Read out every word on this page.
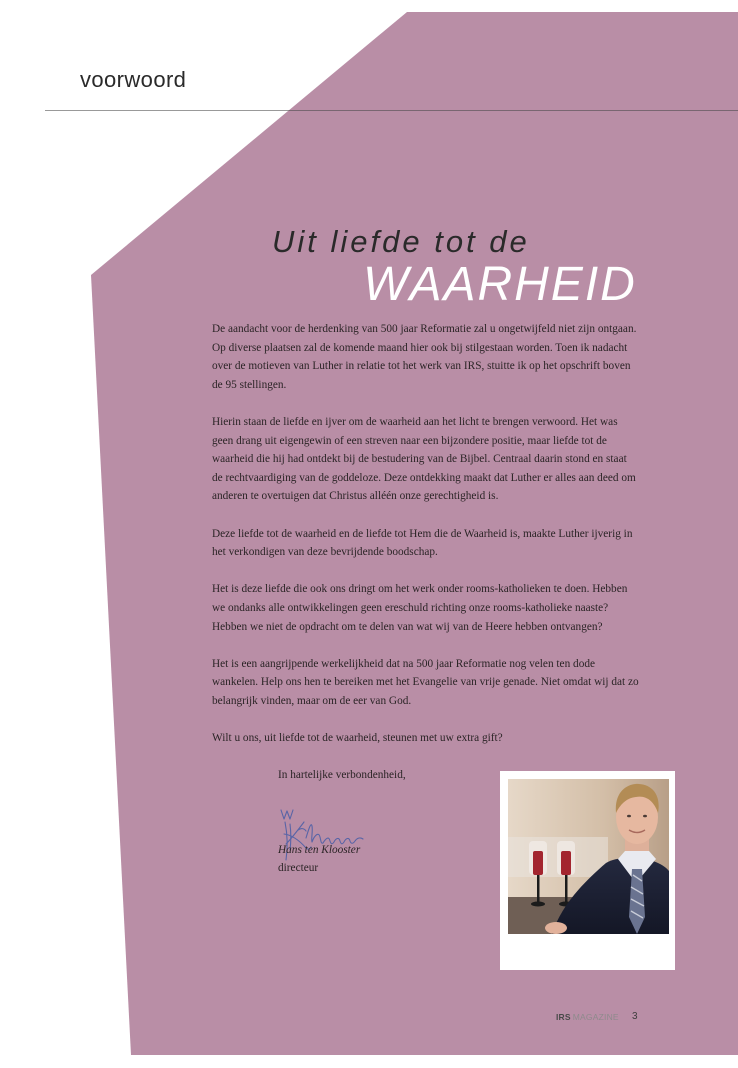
voorwoord
Uit liefde tot de
WAARHEID
De aandacht voor de herdenking van 500 jaar Reformatie zal u ongetwijfeld niet zijn ontgaan.
Op diverse plaatsen zal de komende maand hier ook bij stilgestaan worden. Toen ik nadacht
over de motieven van Luther in relatie tot het werk van IRS, stuitte ik op het opschrift boven
de 95 stellingen.
Hierin staan de liefde en ijver om de waarheid aan het licht te brengen verwoord. Het was
geen drang uit eigengewin of een streven naar een bijzondere positie, maar liefde tot de
waarheid die hij had ontdekt bij de bestudering van de Bijbel. Centraal daarin stond en staat
de rechtvaardiging van de goddeloze. Deze ontdekking maakt dat Luther er alles aan deed om
anderen te overtuigen dat Christus alléén onze gerechtigheid is.
Deze liefde tot de waarheid en de liefde tot Hem die de Waarheid is, maakte Luther ijverig in
het verkondigen van deze bevrijdende boodschap.
Het is deze liefde die ook ons dringt om het werk onder rooms-katholieken te doen. Hebben
we ondanks alle ontwikkelingen geen ereschuld richting onze rooms-katholieke naaste?
Hebben we niet de opdracht om te delen van wat wij van de Heere hebben ontvangen?
Het is een aangrijpende werkelijkheid dat na 500 jaar Reformatie nog velen ten dode
wankelen. Help ons hen te bereiken met het Evangelie van vrije genade. Niet omdat wij dat zo
belangrijk vinden, maar om de eer van God.
Wilt u ons, uit liefde tot de waarheid, steunen met uw extra gift?
In hartelijke verbondenheid,
Hans ten Klooster
directeur
IRS MAGAZINE 3
